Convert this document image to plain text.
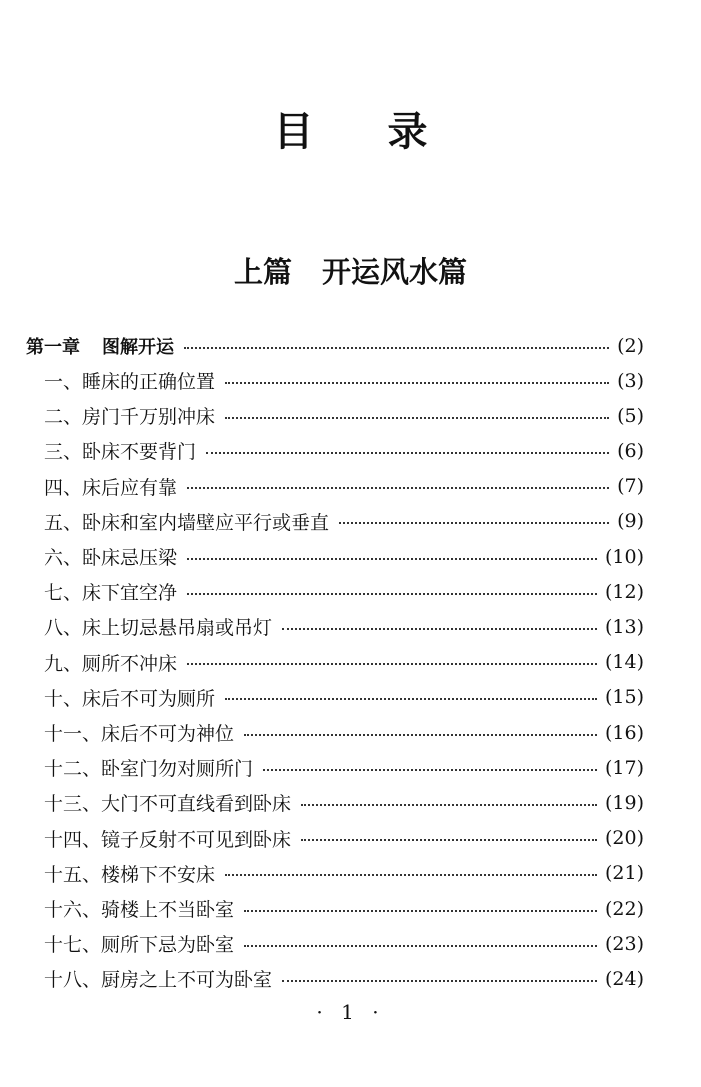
目录
上篇 开运风水篇
第一章 图解开运	(2)
一、睡床的正确位置	(3)
二、房门千万别冲床	(5)
三、卧床不要背门	(6)
四、床后应有靠	(7)
五、卧床和室内墙壁应平行或垂直	(9)
六、卧床忌压梁	(10)
七、床下宜空净	(12)
八、床上切忌悬吊扇或吊灯	(13)
九、厕所不冲床	(14)
十、床后不可为厕所	(15)
十一、床后不可为神位	(16)
十二、卧室门勿对厕所门	(17)
十三、大门不可直线看到卧床	(19)
十四、镜子反射不可见到卧床	(20)
十五、楼梯下不安床	(21)
十六、骑楼上不当卧室	(22)
十七、厕所下忌为卧室	(23)
十八、厨房之上不可为卧室	(24)
· 1 ·
